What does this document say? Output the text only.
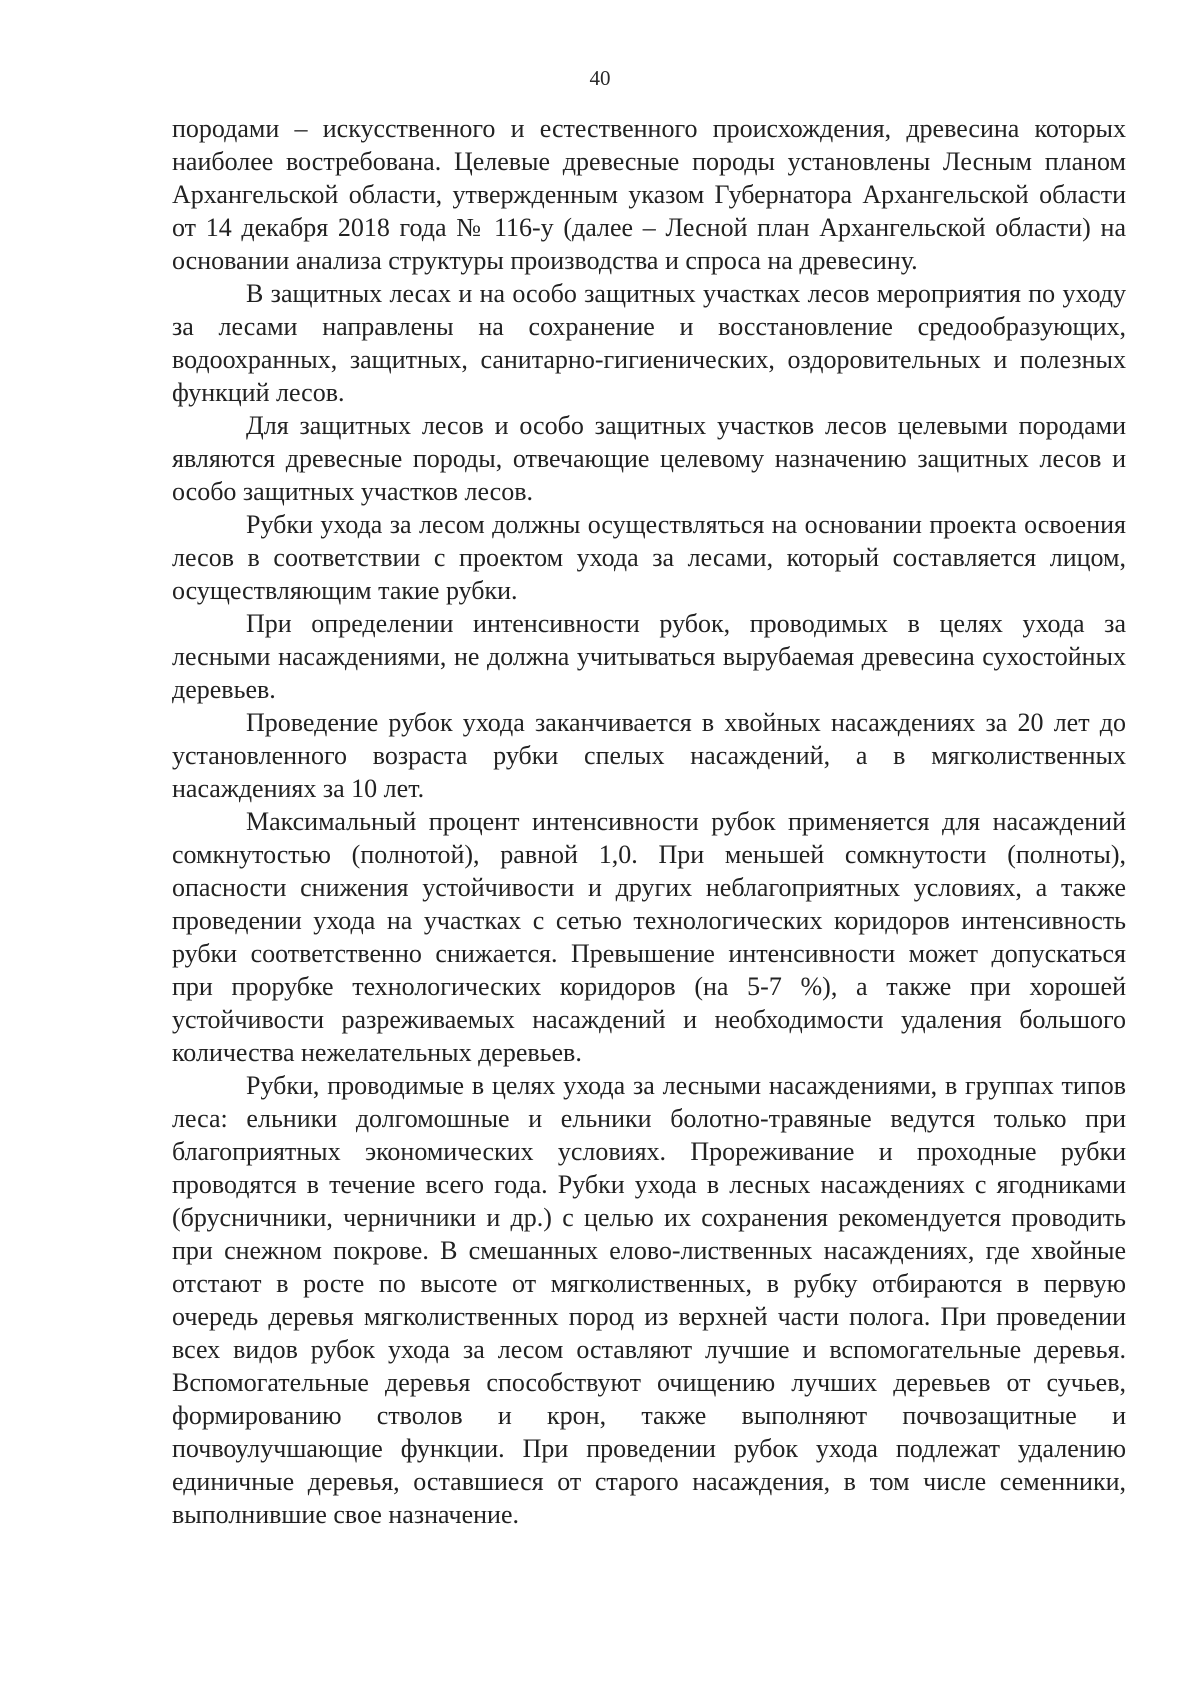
40

породами – искусственного и естественного происхождения, древесина которых наиболее востребована. Целевые древесные породы установлены Лесным планом Архангельской области, утвержденным указом Губернатора Архангельской области от 14 декабря 2018 года № 116-у (далее – Лесной план Архангельской области) на основании анализа структуры производства и спроса на древесину.

В защитных лесах и на особо защитных участках лесов мероприятия по уходу за лесами направлены на сохранение и восстановление средообразующих, водоохранных, защитных, санитарно-гигиенических, оздоровительных и полезных функций лесов.

Для защитных лесов и особо защитных участков лесов целевыми породами являются древесные породы, отвечающие целевому назначению защитных лесов и особо защитных участков лесов.

Рубки ухода за лесом должны осуществляться на основании проекта освоения лесов в соответствии с проектом ухода за лесами, который составляется лицом, осуществляющим такие рубки.

При определении интенсивности рубок, проводимых в целях ухода за лесными насаждениями, не должна учитываться вырубаемая древесина сухостойных деревьев.

Проведение рубок ухода заканчивается в хвойных насаждениях за 20 лет до установленного возраста рубки спелых насаждений, а в мягколиственных насаждениях за 10 лет.

Максимальный процент интенсивности рубок применяется для насаждений сомкнутостью (полнотой), равной 1,0. При меньшей сомкнутости (полноты), опасности снижения устойчивости и других неблагоприятных условиях, а также проведении ухода на участках с сетью технологических коридоров интенсивность рубки соответственно снижается. Превышение интенсивности может допускаться при прорубке технологических коридоров (на 5-7 %), а также при хорошей устойчивости разреживаемых насаждений и необходимости удаления большого количества нежелательных деревьев.

Рубки, проводимые в целях ухода за лесными насаждениями, в группах типов леса: ельники долгомошные и ельники болотно-травяные ведутся только при благоприятных экономических условиях. Прореживание и проходные рубки проводятся в течение всего года. Рубки ухода в лесных насаждениях с ягодниками (брусничники, черничники и др.) с целью их сохранения рекомендуется проводить при снежном покрове. В смешанных елово-лиственных насаждениях, где хвойные отстают в росте по высоте от мягколиственных, в рубку отбираются в первую очередь деревья мягколиственных пород из верхней части полога. При проведении всех видов рубок ухода за лесом оставляют лучшие и вспомогательные деревья. Вспомогательные деревья способствуют очищению лучших деревьев от сучьев, формированию стволов и крон, также выполняют почвозащитные и почвоулучшающие функции. При проведении рубок ухода подлежат удалению единичные деревья, оставшиеся от старого насаждения, в том числе семенники, выполнившие свое назначение.
